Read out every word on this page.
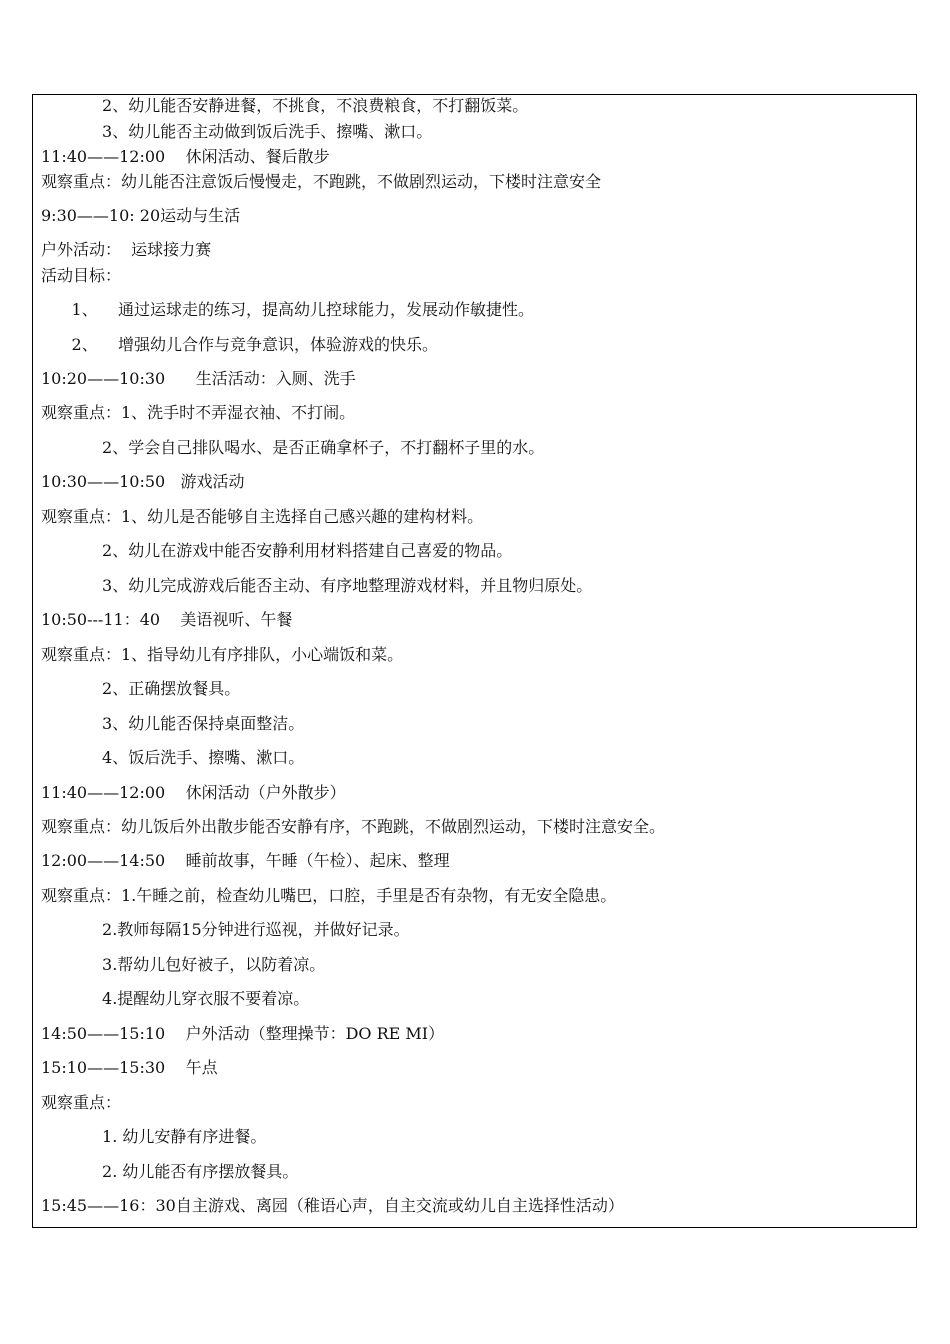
2、幼儿能否安静进餐，不挑食，不浪费粮食，不打翻饭菜。
3、幼儿能否主动做到饭后洗手、擦嘴、漱口。
11:40——12:00    休闲活动、餐后散步
观察重点：幼儿能否注意饭后慢慢走，不跑跳，不做剧烈运动，下楼时注意安全
9:30——10: 20运动与生活
户外活动：  运球接力赛
活动目标：
1、    通过运球走的练习，提高幼儿控球能力，发展动作敏捷性。
2、    增强幼儿合作与竞争意识，体验游戏的快乐。
10:20——10:30      生活活动：入厕、洗手
观察重点：1、洗手时不弄湿衣袖、不打闹。
2、学会自己排队喝水、是否正确拿杯子，不打翻杯子里的水。
10:30——10:50   游戏活动
观察重点：1、幼儿是否能够自主选择自己感兴趣的建构材料。
2、幼儿在游戏中能否安静利用材料搭建自己喜爱的物品。
3、幼儿完成游戏后能否主动、有序地整理游戏材料，并且物归原处。
10:50---11：40    美语视听、午餐
观察重点：1、指导幼儿有序排队，小心端饭和菜。
2、正确摆放餐具。
3、幼儿能否保持桌面整洁。
4、饭后洗手、擦嘴、漱口。
11:40——12:00    休闲活动（户外散步）
观察重点：幼儿饭后外出散步能否安静有序，不跑跳，不做剧烈运动，下楼时注意安全。
12:00——14:50    睡前故事，午睡（午检）、起床、整理
观察重点：1.午睡之前，检查幼儿嘴巴，口腔，手里是否有杂物，有无安全隐患。
2.教师每隔15分钟进行巡视，并做好记录。
3.帮幼儿包好被子，以防着凉。
4.提醒幼儿穿衣服不要着凉。
14:50——15:10    户外活动（整理操节：DO RE MI）
15:10——15:30    午点
观察重点：
1. 幼儿安静有序进餐。
2. 幼儿能否有序摆放餐具。
15:45——16：30自主游戏、离园（稚语心声，自主交流或幼儿自主选择性活动）
